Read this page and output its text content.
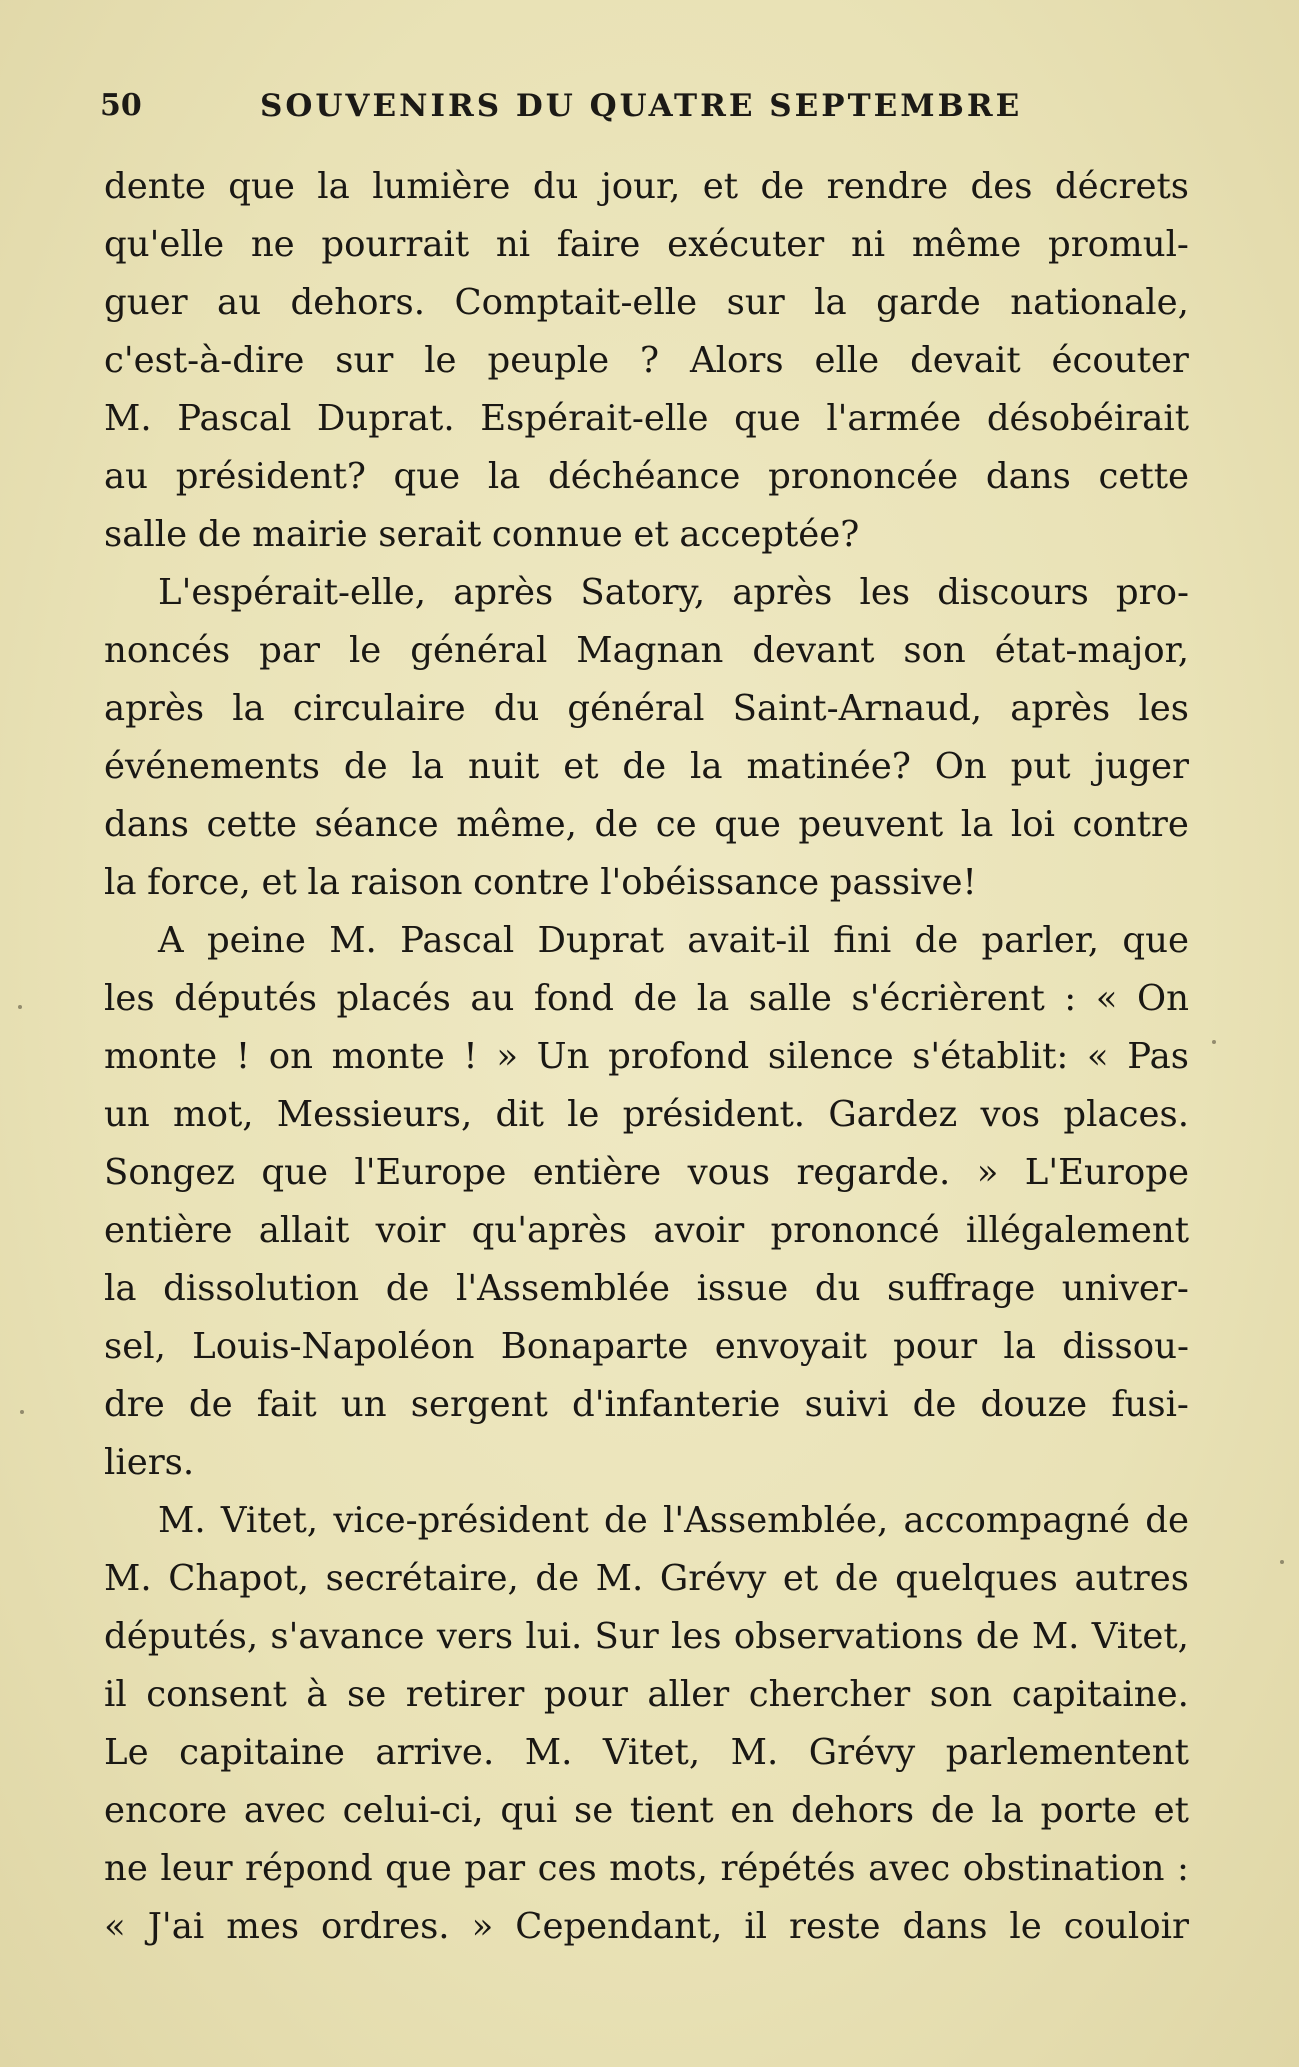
50	SOUVENIRS DU QUATRE SEPTEMBRE
dente que la lumière du jour, et de rendre des décrets
qu'elle ne pourrait ni faire exécuter ni même promul-
guer au dehors. Comptait-elle sur la garde nationale,
c'est-à-dire sur le peuple ? Alors elle devait écouter
M. Pascal Duprat. Espérait-elle que l'armée désobéirait
au président? que la déchéance prononcée dans cette
salle de mairie serait connue et acceptée?
L'espérait-elle, après Satory, après les discours pro-
noncés par le général Magnan devant son état-major,
après la circulaire du général Saint-Arnaud, après les
événements de la nuit et de la matinée? On put juger
dans cette séance même, de ce que peuvent la loi contre
la force, et la raison contre l'obéissance passive!
A peine M. Pascal Duprat avait-il fini de parler, que
les députés placés au fond de la salle s'écrièrent : « On
monte ! on monte ! » Un profond silence s'établit: « Pas
un mot, Messieurs, dit le président. Gardez vos places.
Songez que l'Europe entière vous regarde. » L'Europe
entière allait voir qu'après avoir prononcé illégalement
la dissolution de l'Assemblée issue du suffrage univer-
sel, Louis-Napoléon Bonaparte envoyait pour la dissou-
dre de fait un sergent d'infanterie suivi de douze fusi-
liers.
M. Vitet, vice-président de l'Assemblée, accompagné de
M. Chapot, secrétaire, de M. Grévy et de quelques autres
députés, s'avance vers lui. Sur les observations de M. Vitet,
il consent à se retirer pour aller chercher son capitaine.
Le capitaine arrive. M. Vitet, M. Grévy parlementent
encore avec celui-ci, qui se tient en dehors de la porte et
ne leur répond que par ces mots, répétés avec obstination :
« J'ai mes ordres. » Cependant, il reste dans le couloir
